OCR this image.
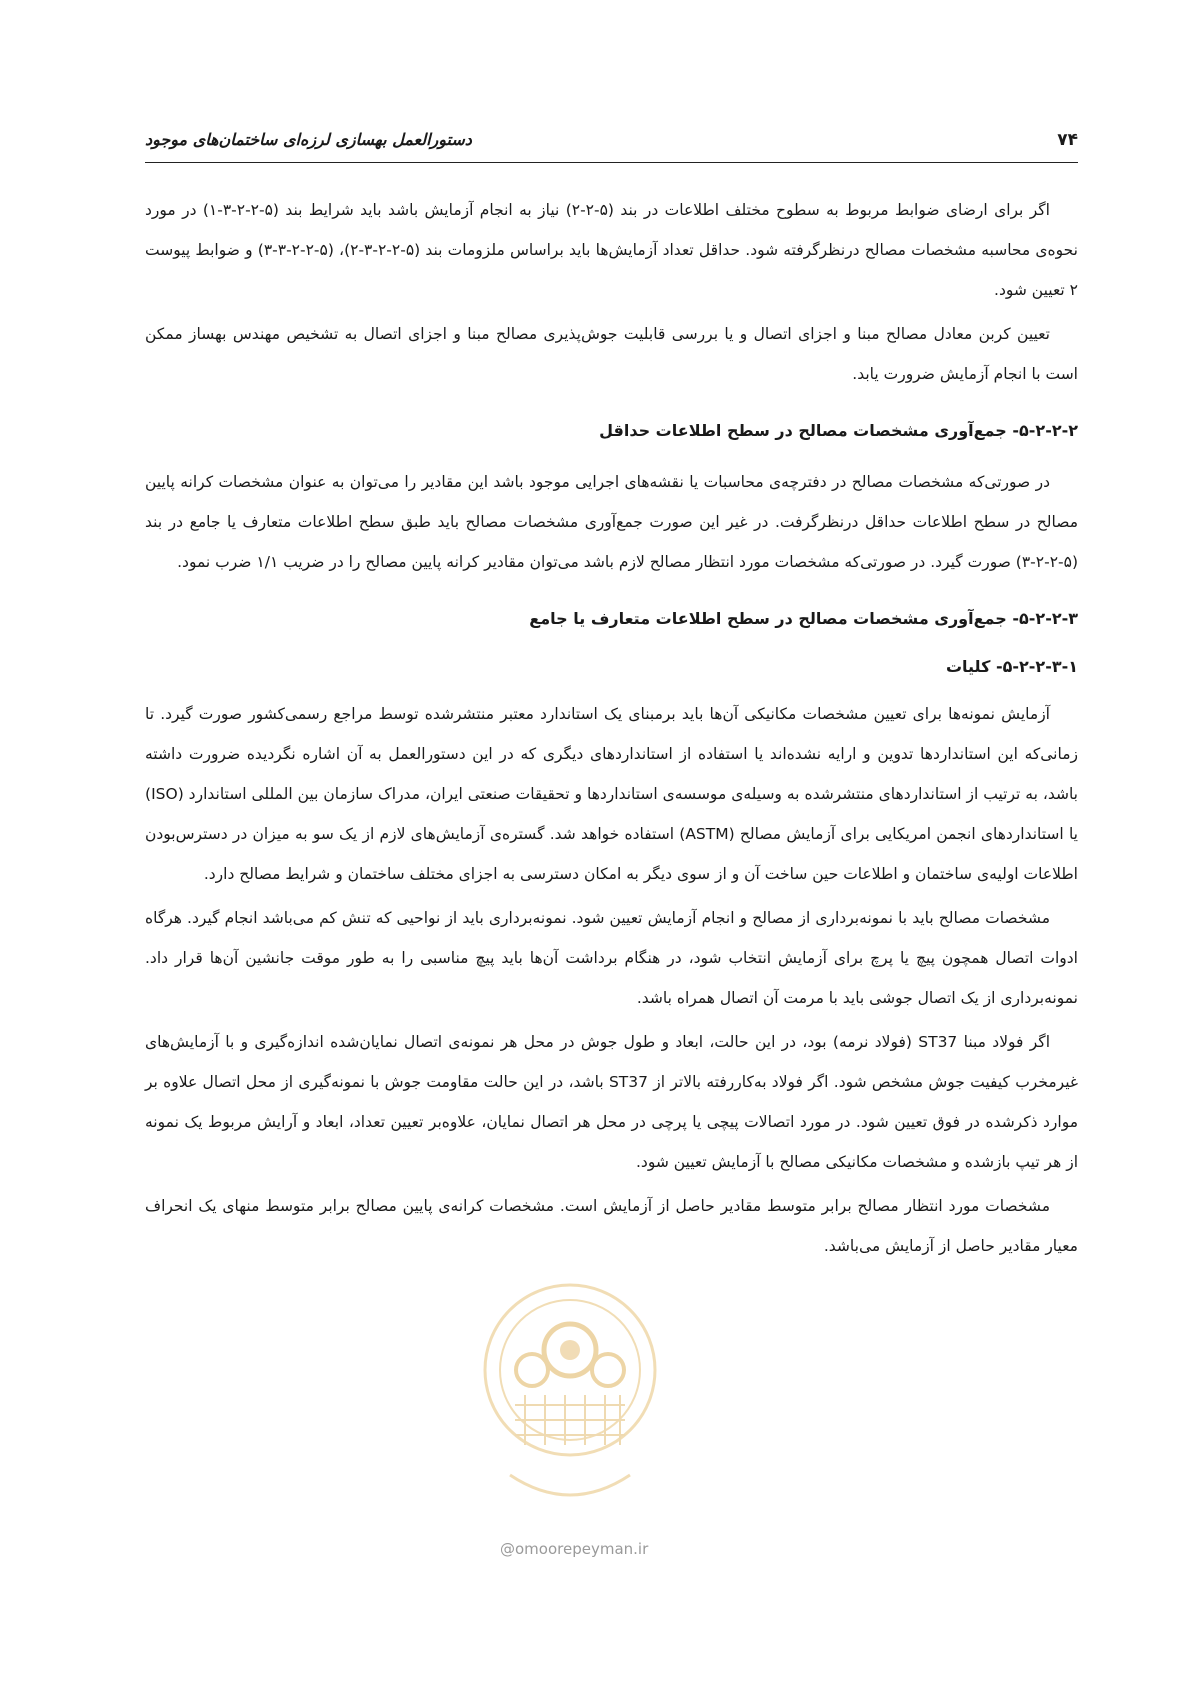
۷۴
دستورالعمل بهسازی لرزه‌ای ساختمان‌های موجود

اگر برای ارضای ضوابط مربوط به سطوح مختلف اطلاعات در بند (۵-۲-۲) نیاز به انجام آزمایش باشد باید شرایط بند (۵-۲-۲-۳-۱) در مورد نحوه‌ی محاسبه مشخصات مصالح درنظرگرفته شود. حداقل تعداد آزمایش‌ها باید براساس ملزومات بند (۵-۲-۲-۳-۲)، (۵-۲-۲-۳-۳) و ضوابط پیوست ۲ تعیین شود.

تعیین کربن معادل مصالح مبنا و اجزای اتصال و یا بررسی قابلیت جوش‌پذیری مصالح مبنا و اجزای اتصال به تشخیص مهندس بهساز ممکن است با انجام آزمایش ضرورت یابد.

۵-۲-۲-۲- جمع‌آوری مشخصات مصالح در سطح اطلاعات حداقل

در صورتی‌که مشخصات مصالح در دفترچه‌ی محاسبات یا نقشه‌های اجرایی موجود باشد این مقادیر را می‌توان به عنوان مشخصات کرانه پایین مصالح در سطح اطلاعات حداقل درنظرگرفت. در غیر این صورت جمع‌آوری مشخصات مصالح باید طبق سطح اطلاعات متعارف یا جامع در بند (۵-۲-۲-۳) صورت گیرد. در صورتی‌که مشخصات مورد انتظار مصالح لازم باشد می‌توان مقادیر کرانه پایین مصالح را در ضریب ۱/۱ ضرب نمود.

۵-۲-۲-۳- جمع‌آوری مشخصات مصالح در سطح اطلاعات متعارف یا جامع
۵-۲-۲-۳-۱- کلیات

آزمایش نمونه‌ها برای تعیین مشخصات مکانیکی آن‌ها باید برمبنای یک استاندارد معتبر منتشرشده توسط مراجع رسمی‌کشور صورت گیرد. تا زمانی‌که این استانداردها تدوین و ارایه نشده‌اند یا استفاده از استانداردهای دیگری که در این دستورالعمل به آن اشاره نگردیده ضرورت داشته باشد، به ترتیب از استانداردهای منتشرشده به وسیله‌ی موسسه‌ی استانداردها و تحقیقات صنعتی ایران، مدراک سازمان بین المللی استاندارد (ISO) یا استانداردهای انجمن امریکایی برای آزمایش مصالح (ASTM) استفاده خواهد شد. گستره‌ی آزمایش‌های لازم از یک سو به میزان در دسترس‌بودن اطلاعات اولیه‌ی ساختمان و اطلاعات حین ساخت آن و از سوی دیگر به امکان دسترسی به اجزای مختلف ساختمان و شرایط مصالح دارد.

مشخصات مصالح باید با نمونه‌برداری از مصالح و انجام آزمایش تعیین شود. نمونه‌برداری باید از نواحیی که تنش کم می‌باشد انجام گیرد. هرگاه ادوات اتصال همچون پیچ یا پرچ برای آزمایش انتخاب شود، در هنگام برداشت آن‌ها باید پیچ مناسبی را به طور موقت جانشین آن‌ها قرار داد. نمونه‌برداری از یک اتصال جوشی باید با مرمت آن اتصال همراه باشد.

اگر فولاد مبنا ST37 (فولاد نرمه) بود، در این حالت، ابعاد و طول جوش در محل هر نمونه‌ی اتصال نمایان‌شده اندازه‌گیری و با آزمایش‌های غیرمخرب کیفیت جوش مشخص شود. اگر فولاد به‌کاررفته بالاتر از ST37 باشد، در این حالت مقاومت جوش با نمونه‌گیری از محل اتصال علاوه بر موارد ذکرشده در فوق تعیین شود. در مورد اتصالات پیچی یا پرچی در محل هر اتصال نمایان، علاوه‌بر تعیین تعداد، ابعاد و آرایش مربوط یک نمونه از هر تیپ بازشده و مشخصات مکانیکی مصالح با آزمایش تعیین شود.

مشخصات مورد انتظار مصالح برابر متوسط مقادیر حاصل از آزمایش است. مشخصات کرانه‌ی پایین مصالح برابر متوسط منهای یک انحراف معیار مقادیر حاصل از آزمایش می‌باشد.

@omoorepeyman.ir
